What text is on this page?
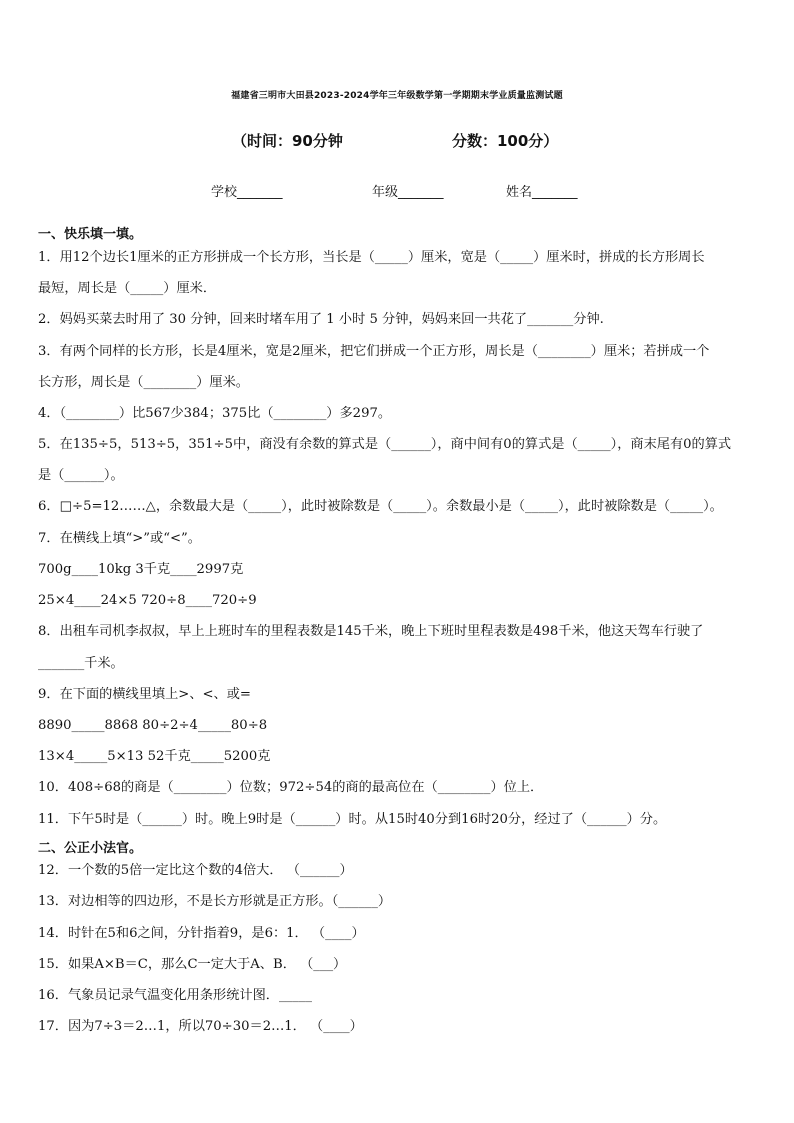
福建省三明市大田县2023-2024学年三年级数学第一学期期末学业质量监测试题
（时间：90分钟	分数：100分）
学校_______	年级_______	姓名_______
一、快乐填一填。
1．用12个边长1厘米的正方形拼成一个长方形，当长是（_____）厘米，宽是（_____）厘米时，拼成的长方形周长
最短，周长是（_____）厘米．
2．妈妈买菜去时用了 30 分钟，回来时堵车用了 1 小时 5 分钟，妈妈来回一共花了_______分钟.
3．有两个同样的长方形，长是4厘米，宽是2厘米，把它们拼成一个正方形，周长是（________）厘米；若拼成一个
长方形，周长是（________）厘米。
4．（________）比567少384；375比（________）多297。
5．在135÷5，513÷5，351÷5中，商没有余数的算式是（______），商中间有0的算式是（_____），商末尾有0的算式
是（______）。
6．□÷5=12……△，余数最大是（_____），此时被除数是（_____）。余数最小是（_____），此时被除数是（_____）。
7．在横线上填“>”或“<”。
700g____10kg 3千克____2997克
25×4____24×5 720÷8____720÷9
8．出租车司机李叔叔，早上上班时车的里程表数是145千米，晚上下班时里程表数是498千米，他这天驾车行驶了
_______千米。
9．在下面的横线里填上>、<、或=
8890_____8868 80÷2÷4_____80÷8
13×4_____5×13 52千克_____5200克
10．408÷68的商是（________）位数；972÷54的商的最高位在（________）位上．
11．下午5时是（______）时。晚上9时是（______）时。从15时40分到16时20分，经过了（______）分。
二、公正小法官。
12．一个数的5倍一定比这个数的4倍大． （______）
13．对边相等的四边形，不是长方形就是正方形。（______）
14．时针在5和6之间，分针指着9，是6：1． （____）
15．如果A×B＝C，那么C一定大于A、B． （___）
16．气象员记录气温变化用条形统计图．_____
17．因为7÷3＝2…1，所以70÷30＝2…1． （____）
